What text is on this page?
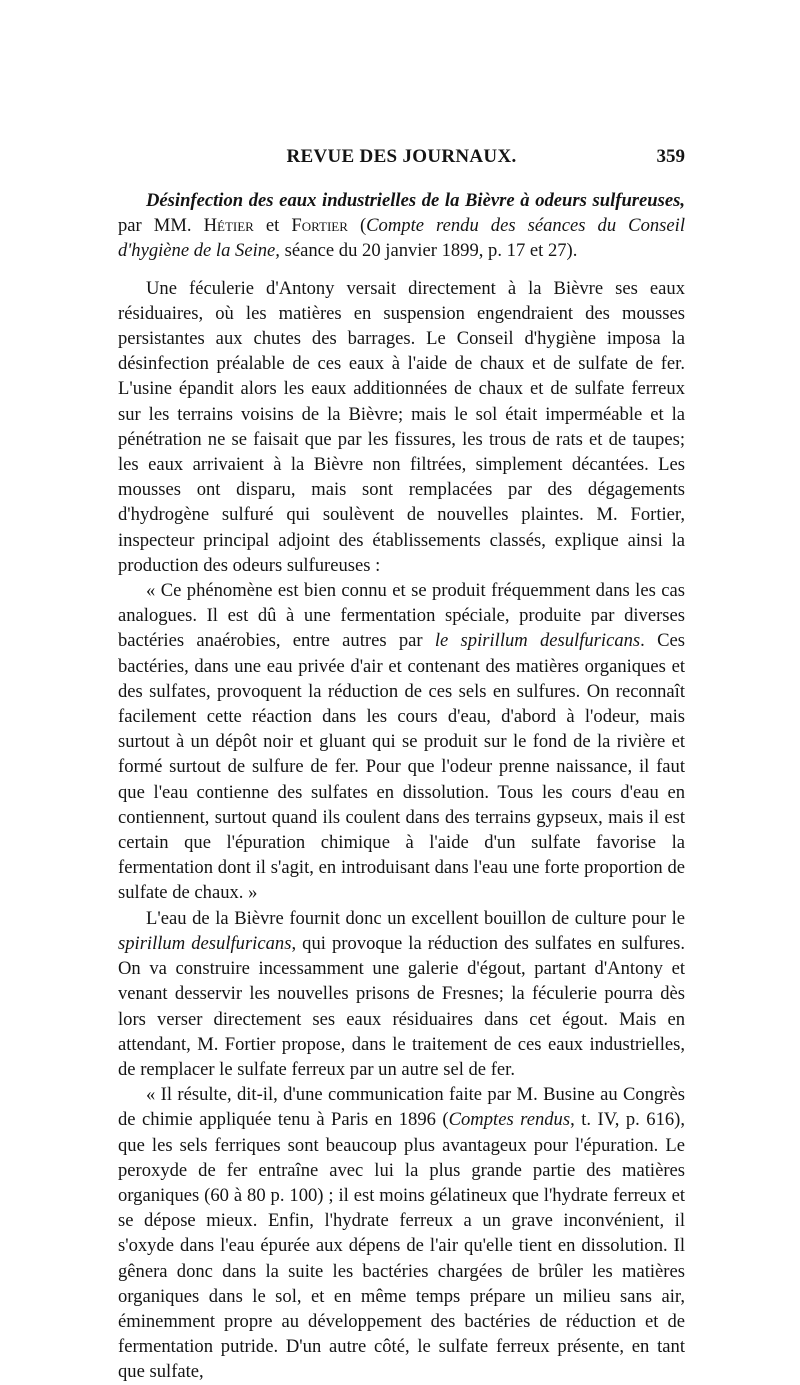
REVUE DES JOURNAUX.	359

Désinfection des eaux industrielles de la Bièvre à odeurs sulfureuses, par MM. Hétier et Fortier (Compte rendu des séances du Conseil d'hygiène de la Seine, séance du 20 janvier 1899, p. 17 et 27).

Une féculerie d'Antony versait directement à la Bièvre ses eaux résiduaires, où les matières en suspension engendraient des mousses persistantes aux chutes des barrages. Le Conseil d'hygiène imposa la désinfection préalable de ces eaux à l'aide de chaux et de sulfate de fer. L'usine épandit alors les eaux additionnées de chaux et de sulfate ferreux sur les terrains voisins de la Bièvre; mais le sol était imperméable et la pénétration ne se faisait que par les fissures, les trous de rats et de taupes; les eaux arrivaient à la Bièvre non filtrées, simplement décantées. Les mousses ont disparu, mais sont remplacées par des dégagements d'hydrogène sulfuré qui soulèvent de nouvelles plaintes. M. Fortier, inspecteur principal adjoint des établissements classés, explique ainsi la production des odeurs sulfureuses :

« Ce phénomène est bien connu et se produit fréquemment dans les cas analogues. Il est dû à une fermentation spéciale, produite par diverses bactéries anaérobies, entre autres par le spirillum desulfuricans. Ces bactéries, dans une eau privée d'air et contenant des matières organiques et des sulfates, provoquent la réduction de ces sels en sulfures. On reconnaît facilement cette réaction dans les cours d'eau, d'abord à l'odeur, mais surtout à un dépôt noir et gluant qui se produit sur le fond de la rivière et formé surtout de sulfure de fer. Pour que l'odeur prenne naissance, il faut que l'eau contienne des sulfates en dissolution. Tous les cours d'eau en contiennent, surtout quand ils coulent dans des terrains gypseux, mais il est certain que l'épuration chimique à l'aide d'un sulfate favorise la fermentation dont il s'agit, en introduisant dans l'eau une forte proportion de sulfate de chaux. »

L'eau de la Bièvre fournit donc un excellent bouillon de culture pour le spirillum desulfuricans, qui provoque la réduction des sulfates en sulfures. On va construire incessamment une galerie d'égout, partant d'Antony et venant desservir les nouvelles prisons de Fresnes; la féculerie pourra dès lors verser directement ses eaux résiduaires dans cet égout. Mais en attendant, M. Fortier propose, dans le traitement de ces eaux industrielles, de remplacer le sulfate ferreux par un autre sel de fer.

« Il résulte, dit-il, d'une communication faite par M. Busine au Congrès de chimie appliquée tenu à Paris en 1896 (Comptes rendus, t. IV, p. 616), que les sels ferriques sont beaucoup plus avantageux pour l'épuration. Le peroxyde de fer entraîne avec lui la plus grande partie des matières organiques (60 à 80 p. 100) ; il est moins gélatineux que l'hydrate ferreux et se dépose mieux. Enfin, l'hydrate ferreux a un grave inconvénient, il s'oxyde dans l'eau épurée aux dépens de l'air qu'elle tient en dissolution. Il gênera donc dans la suite les bactéries chargées de brûler les matières organiques dans le sol, et en même temps prépare un milieu sans air, éminemment propre au développement des bactéries de réduction et de fermentation putride. D'un autre côté, le sulfate ferreux présente, en tant que sulfate,
